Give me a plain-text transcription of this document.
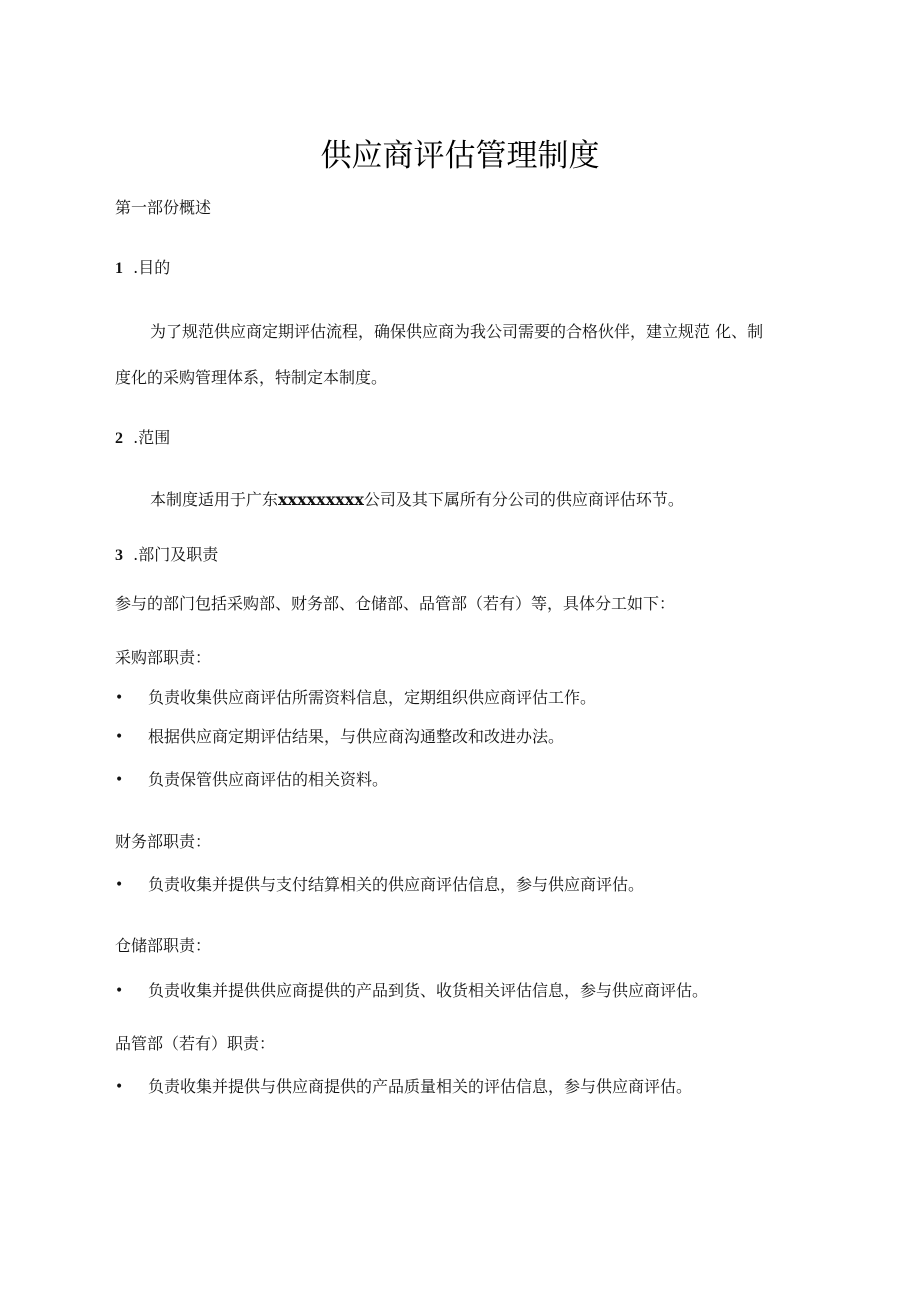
供应商评估管理制度
第一部份概述
1 .目的
为了规范供应商定期评估流程，确保供应商为我公司需要的合格伙伴，建立规范 化、制
度化的采购管理体系，特制定本制度。
2 .范围
本制度适用于广东xxxxxxxxx公司及其下属所有分公司的供应商评估环节。
3 .部门及职责
参与的部门包括采购部、财务部、仓储部、品管部（若有）等，具体分工如下：
采购部职责：
• 负责收集供应商评估所需资料信息，定期组织供应商评估工作。
• 根据供应商定期评估结果，与供应商沟通整改和改进办法。
• 负责保管供应商评估的相关资料。
财务部职责：
• 负责收集并提供与支付结算相关的供应商评估信息，参与供应商评估。
仓储部职责：
• 负责收集并提供供应商提供的产品到货、收货相关评估信息，参与供应商评估。
品管部（若有）职责：
• 负责收集并提供与供应商提供的产品质量相关的评估信息，参与供应商评估。
